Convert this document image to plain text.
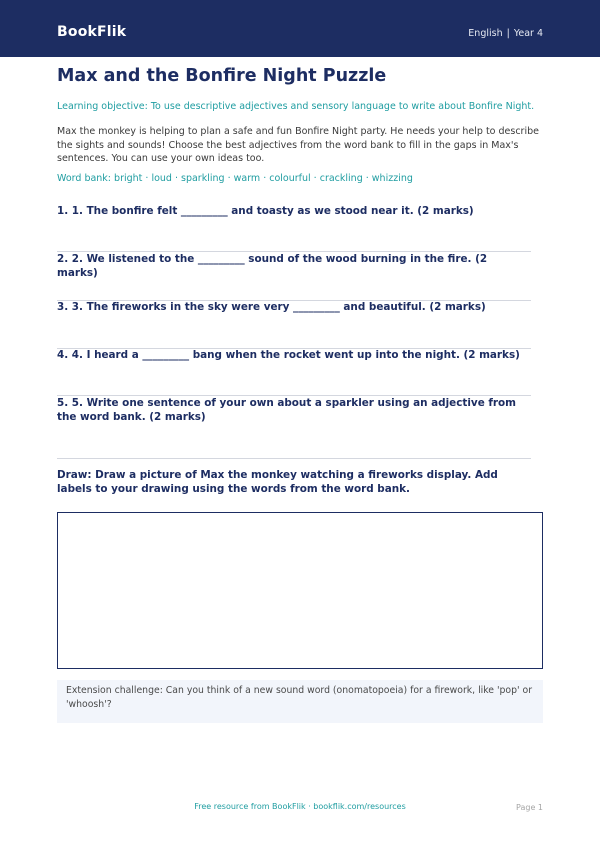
BookFlik	English | Year 4
Max and the Bonfire Night Puzzle

Learning objective: To use descriptive adjectives and sensory language to write about Bonfire Night.

Max the monkey is helping to plan a safe and fun Bonfire Night party. He needs your help to describe the sights and sounds! Choose the best adjectives from the word bank to fill in the gaps in Max's sentences. You can use your own ideas too.

Word bank: bright · loud · sparkling · warm · colourful · crackling · whizzing

1. 1. The bonfire felt _________ and toasty as we stood near it. (2 marks)
2. 2. We listened to the _________ sound of the wood burning in the fire. (2 marks)
3. 3. The fireworks in the sky were very _________ and beautiful. (2 marks)
4. 4. I heard a _________ bang when the rocket went up into the night. (2 marks)
5. 5. Write one sentence of your own about a sparkler using an adjective from the word bank. (2 marks)
Draw: Draw a picture of Max the monkey watching a fireworks display. Add labels to your drawing using the words from the word bank.
Extension challenge: Can you think of a new sound word (onomatopoeia) for a firework, like 'pop' or 'whoosh'?
Free resource from BookFlik · bookflik.com/resources	Page 1
